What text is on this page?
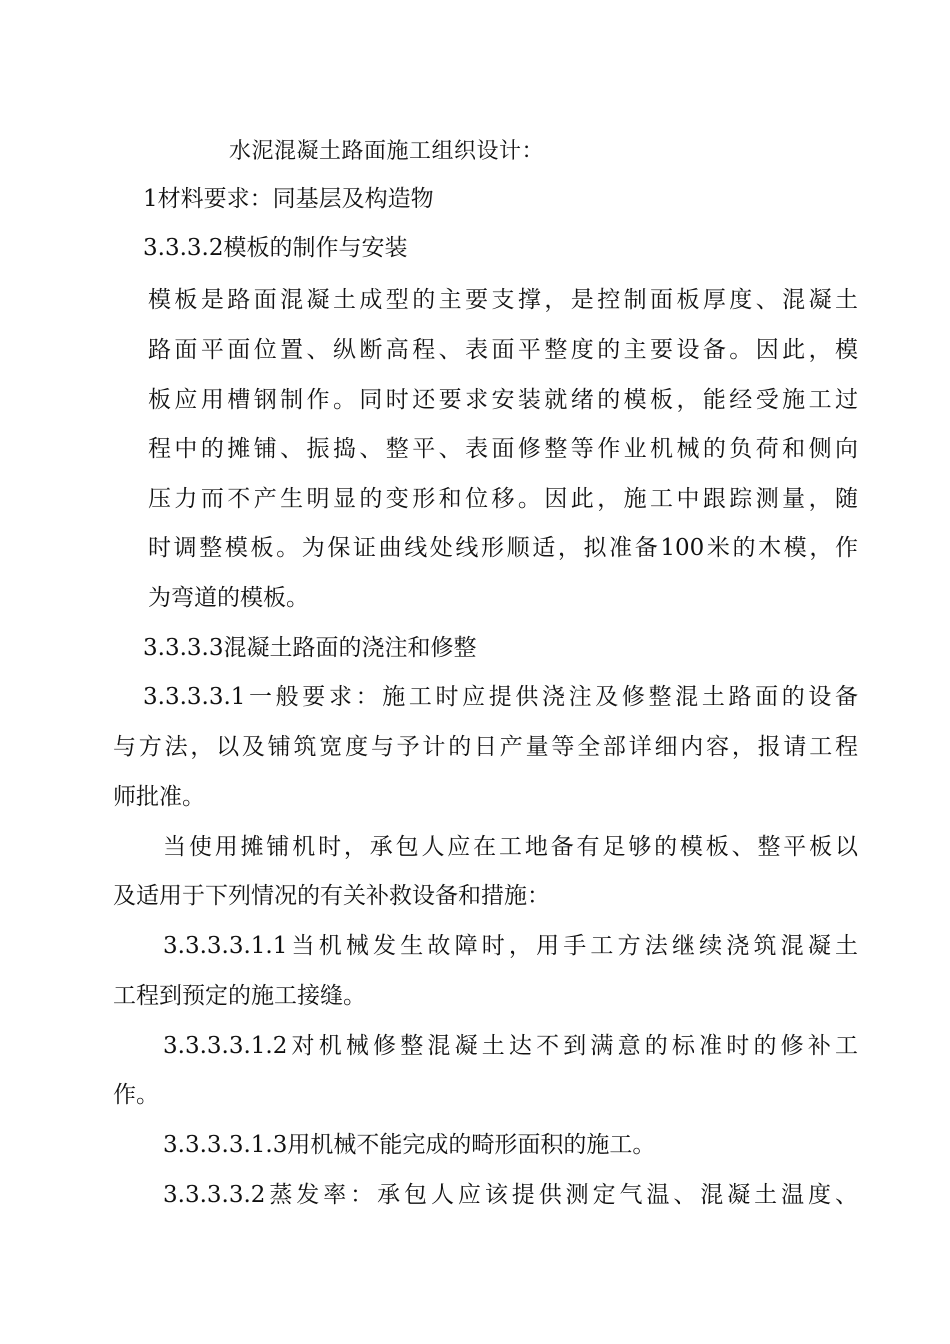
水泥混凝土路面施工组织设计：

1材料要求：同基层及构造物

3.3.3.2模板的制作与安装

模板是路面混凝土成型的主要支撑，是控制面板厚度、混凝土

路面平面位置、纵断高程、表面平整度的主要设备。因此，模

板应用槽钢制作。同时还要求安装就绪的模板，能经受施工过

程中的摊铺、振捣、整平、表面修整等作业机械的负荷和侧向

压力而不产生明显的变形和位移。因此，施工中跟踪测量，随

时调整模板。为保证曲线处线形顺适，拟准备100米的木模，作

为弯道的模板。

3.3.3.3混凝土路面的浇注和修整

3.3.3.3.1一般要求：施工时应提供浇注及修整混土路面的设备

与方法，以及铺筑宽度与予计的日产量等全部详细内容，报请工程

师批准。

当使用摊铺机时，承包人应在工地备有足够的模板、整平板以

及适用于下列情况的有关补救设备和措施：

3.3.3.3.1.1当机械发生故障时，用手工方法继续浇筑混凝土

工程到预定的施工接缝。

3.3.3.3.1.2对机械修整混凝土达不到满意的标准时的修补工

作。

3.3.3.3.1.3用机械不能完成的畸形面积的施工。

3.3.3.3.2蒸发率：承包人应该提供测定气温、混凝土温度、
